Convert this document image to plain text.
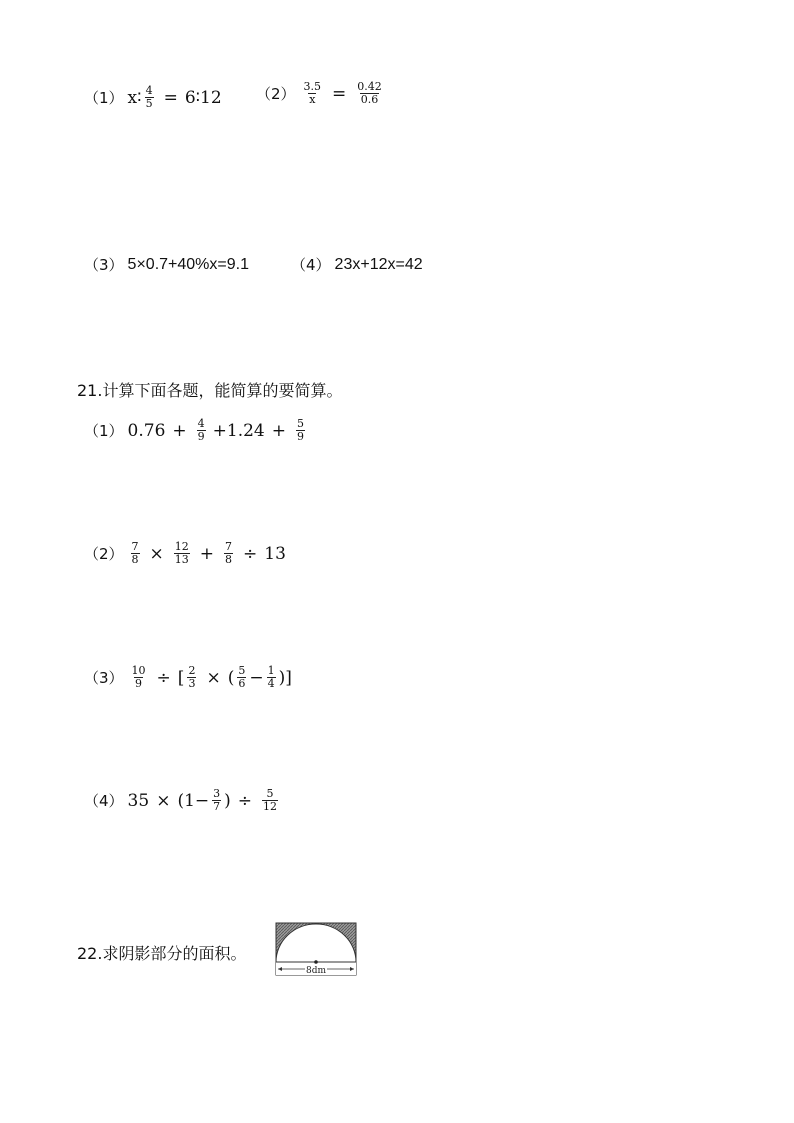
（1） x∶ $\frac{4}{5}$ = 6∶12 $(2) \frac{3.5}{x} = \frac{0.42}{0.6}$
（3） 5×0.7+40%x=9.1	（4） 23x+12x=42
21.计算下面各题，能简算的要简算。
（1） $0.76 + \frac{4}{9} +1.24 + \frac{5}{9}$
$(2) \frac{7}{8} \times \frac{12}{13} + \frac{7}{8} \div 13$
$(3) \frac{10}{9}$ ÷ [ $\frac{2}{3}$ × ( $\frac{5}{6} - \frac{1}{4}$ ) ]
（4） $35 \times (1- \frac{3}{7}$ ) ÷ $\frac{5}{12}$
22.求阴影部分的面积。
8dm
